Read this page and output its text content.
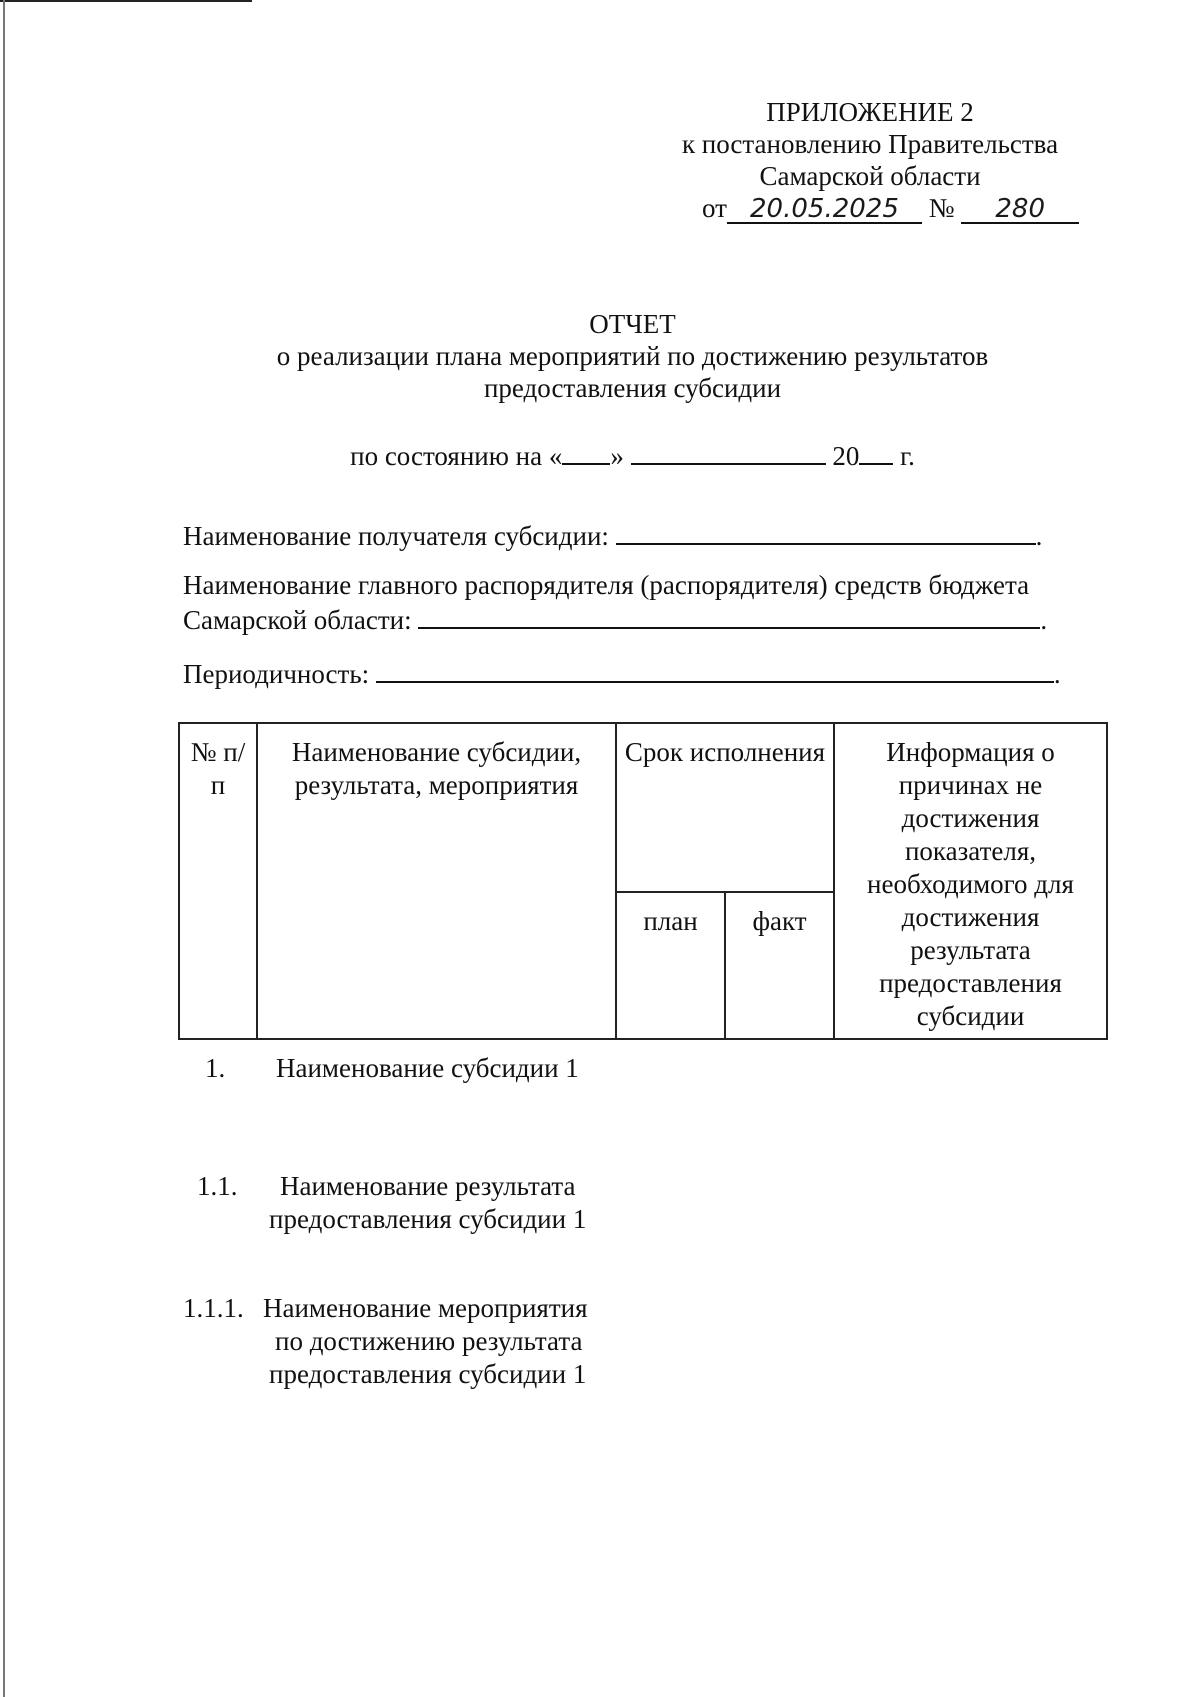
ПРИЛОЖЕНИЕ 2
к постановлению Правительства
Самарской области
от 20.05.2025 № 280
ОТЧЕТ
о реализации плана мероприятий по достижению результатов
предоставления субсидии
по состоянию на « »	20 г.
Наименование получателя субсидии:	.
Наименование главного распорядителя (распорядителя) средств бюджета
Самарской области:	.
Периодичность:	.
№ п/п	Наименование субсидии, результата, мероприятия	Срок исполнения		Информация о причинах не достижения показателя, необходимого для достижения результата предоставления субсидии
		план	факт	
1. Наименование субсидии 1
1.1. Наименование результата
предоставления субсидии 1
1.1.1. Наименование мероприятия
по достижению результата
предоставления субсидии 1
